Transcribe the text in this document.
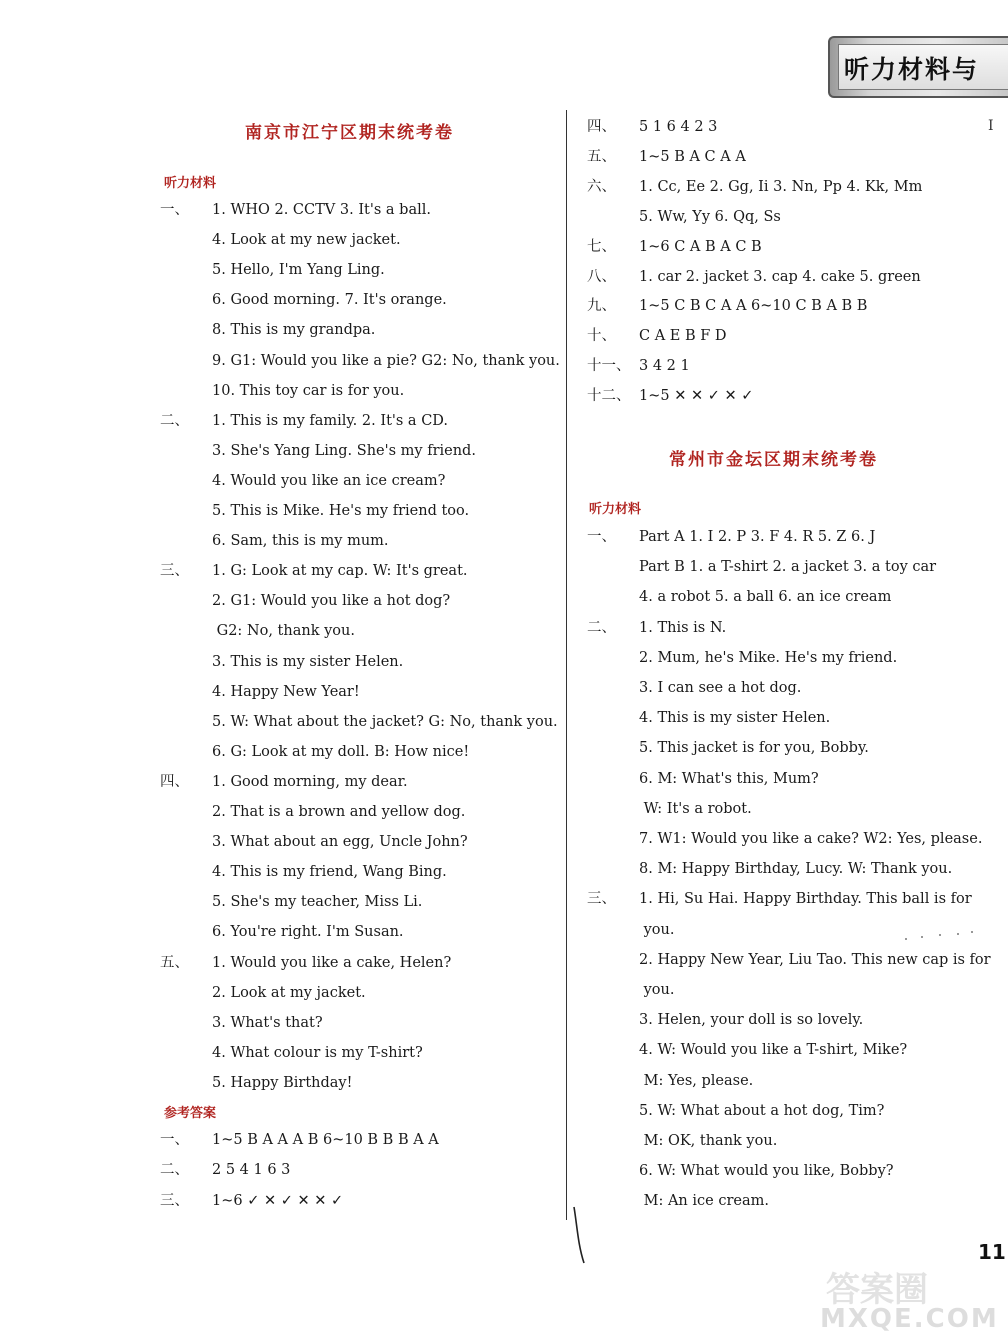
听力材料与
I
南京市江宁区期末统考卷
听力材料
一、 1. WHO 2. CCTV 3. It's a ball.
4. Look at my new jacket.
5. Hello, I'm Yang Ling.
6. Good morning. 7. It's orange.
8. This is my grandpa.
9. G1: Would you like a pie? G2: No, thank you.
10. This toy car is for you.
二、 1. This is my family. 2. It's a CD.
3. She's Yang Ling. She's my friend.
4. Would you like an ice cream?
5. This is Mike. He's my friend too.
6. Sam, this is my mum.
三、 1. G: Look at my cap. W: It's great.
2. G1: Would you like a hot dog?
G2: No, thank you.
3. This is my sister Helen.
4. Happy New Year!
5. W: What about the jacket? G: No, thank you.
6. G: Look at my doll. B: How nice!
四、 1. Good morning, my dear.
2. That is a brown and yellow dog.
3. What about an egg, Uncle John?
4. This is my friend, Wang Bing.
5. She's my teacher, Miss Li.
6. You're right. I'm Susan.
五、 1. Would you like a cake, Helen?
2. Look at my jacket.
3. What's that?
4. What colour is my T-shirt?
5. Happy Birthday!
参考答案
一、 1~5 B A A A B 6~10 B B B A A
二、 2 5 4 1 6 3
三、 1~6 ✓ ✕ ✓ ✕ ✕ ✓
四、 5 1 6 4 2 3
五、 1~5 B A C A A
六、 1. Cc, Ee 2. Gg, Ii 3. Nn, Pp 4. Kk, Mm
5. Ww, Yy 6. Qq, Ss
七、 1~6 C A B A C B
八、 1. car 2. jacket 3. cap 4. cake 5. green
九、 1~5 C B C A A 6~10 C B A B B
十、 C A E B F D
十一、 3 4 2 1
十二、 1~5 ✕ ✕ ✓ ✕ ✓
常州市金坛区期末统考卷
听力材料
一、 Part A 1. I 2. P 3. F 4. R 5. Z 6. J
Part B 1. a T-shirt 2. a jacket 3. a toy car
4. a robot 5. a ball 6. an ice cream
二、 1. This is N.
2. Mum, he's Mike. He's my friend.
3. I can see a hot dog.
4. This is my sister Helen.
5. This jacket is for you, Bobby.
6. M: What's this, Mum?
W: It's a robot.
7. W1: Would you like a cake? W2: Yes, please.
8. M: Happy Birthday, Lucy. W: Thank you.
三、 1. Hi, Su Hai. Happy Birthday. This ball is for
you.
2. Happy New Year, Liu Tao. This new cap is for
you.
3. Helen, your doll is so lovely.
4. W: Would you like a T-shirt, Mike?
M: Yes, please.
5. W: What about a hot dog, Tim?
M: OK, thank you.
6. W: What would you like, Bobby?
M: An ice cream.
11
答案圈
MXQE.COM
